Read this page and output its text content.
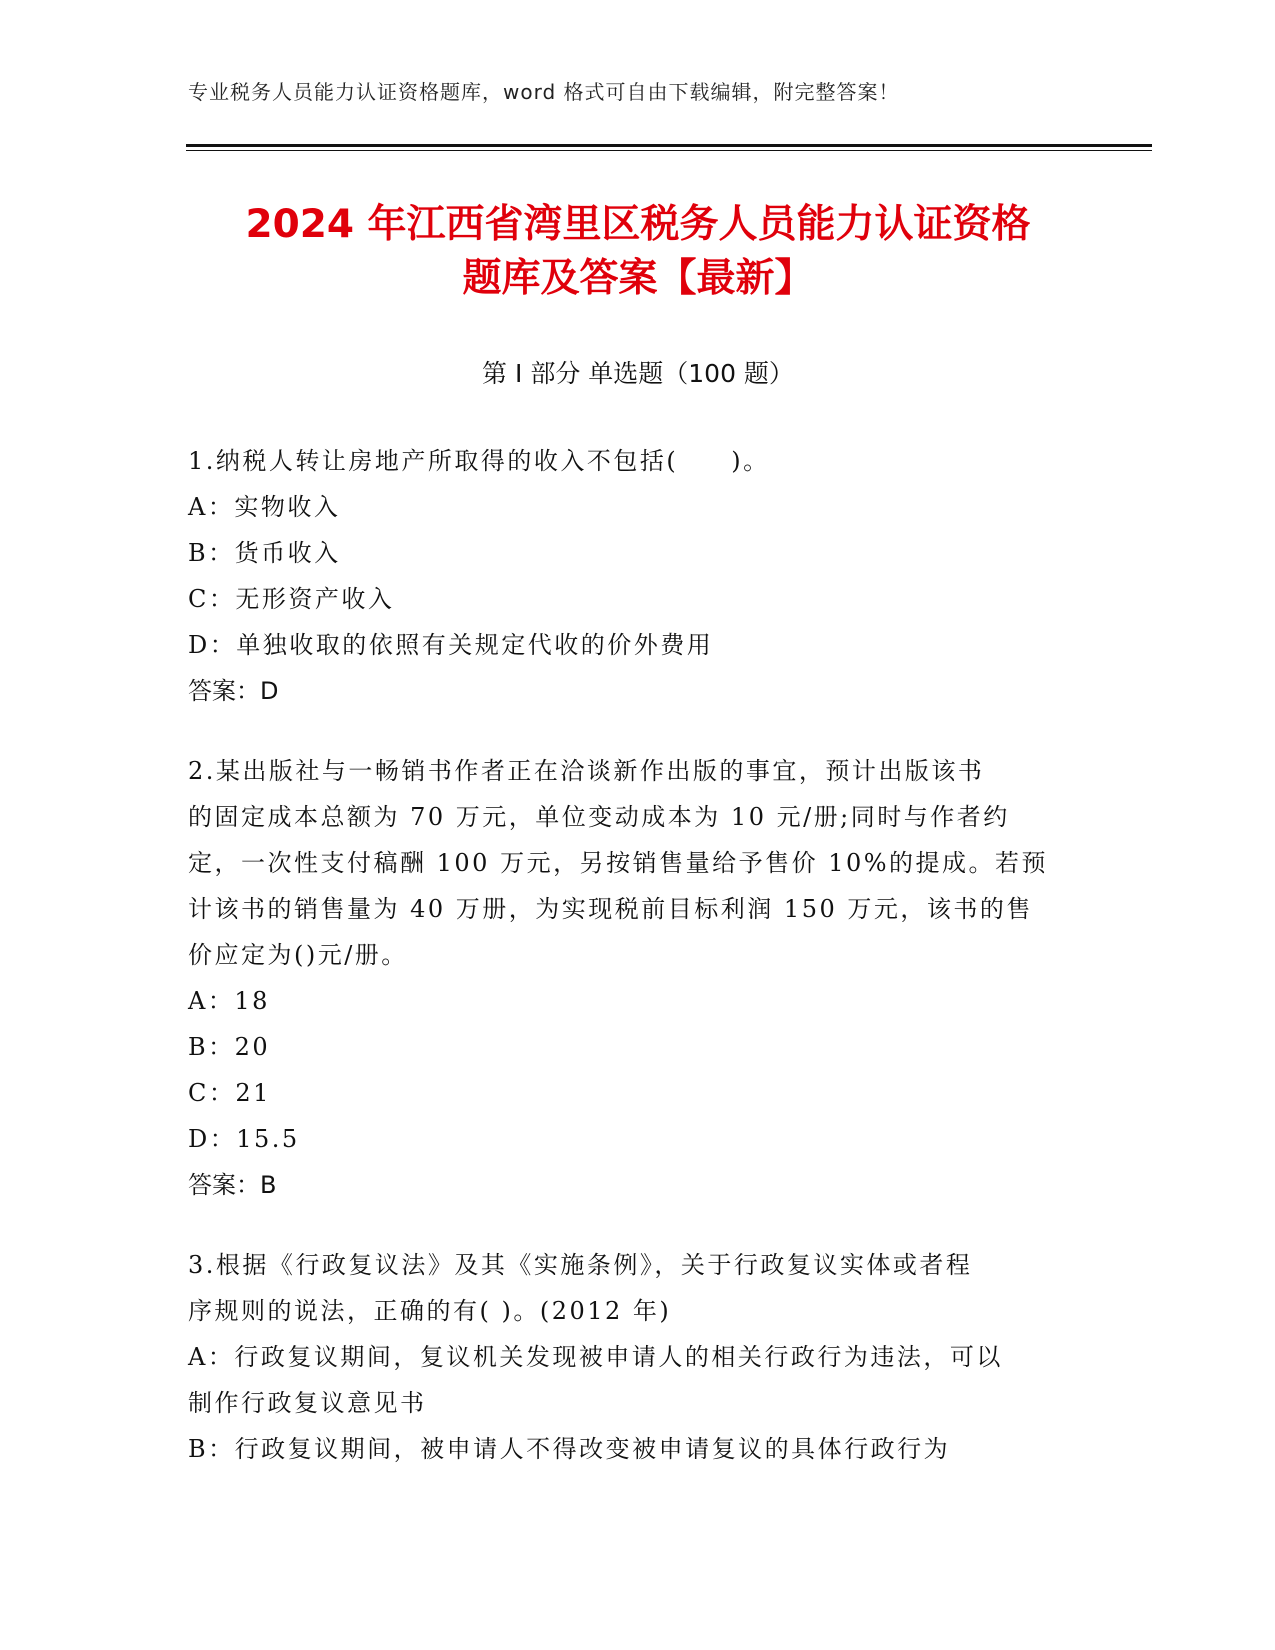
专业税务人员能力认证资格题库，word 格式可自由下载编辑，附完整答案！
2024 年江西省湾里区税务人员能力认证资格
题库及答案【最新】
第 I 部分 单选题（100 题）
1.纳税人转让房地产所取得的收入不包括(　　)。
A：实物收入
B：货币收入
C：无形资产收入
D：单独收取的依照有关规定代收的价外费用
答案：D
2.某出版社与一畅销书作者正在洽谈新作出版的事宜，预计出版该书
的固定成本总额为 70 万元，单位变动成本为 10 元/册;同时与作者约
定，一次性支付稿酬 100 万元，另按销售量给予售价 10%的提成。若预
计该书的销售量为 40 万册，为实现税前目标利润 150 万元，该书的售
价应定为()元/册。
A：18
B：20
C：21
D：15.5
答案：B
3.根据《行政复议法》及其《实施条例》，关于行政复议实体或者程
序规则的说法，正确的有( )。(2012 年)
A：行政复议期间，复议机关发现被申请人的相关行政行为违法，可以
制作行政复议意见书
B：行政复议期间，被申请人不得改变被申请复议的具体行政行为
